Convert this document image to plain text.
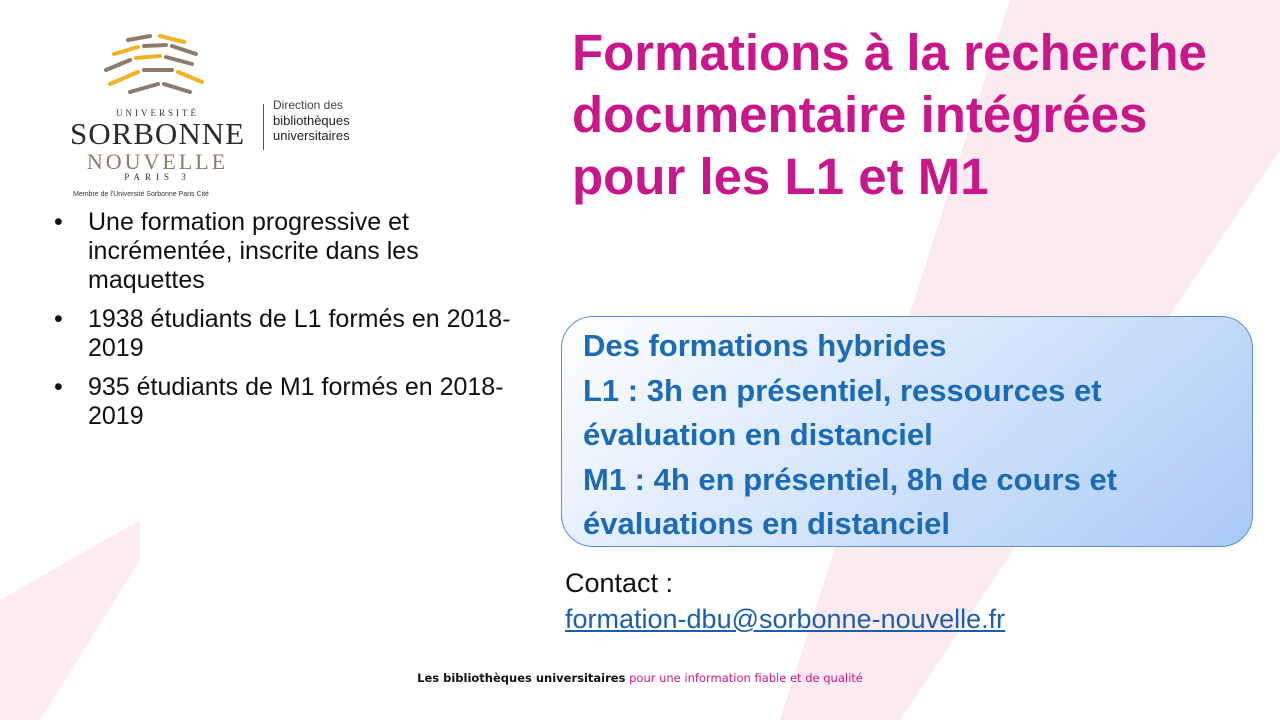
UNIVERSITÉ
SORBONNE
NOUVELLE
PARIS 3
Direction des
bibliothèques
universitaires
Membre de l'Université Sorbonne Paris Cité
Formations à la recherche documentaire intégrées pour les L1 et M1
• Une formation progressive et incrémentée, inscrite dans les maquettes
• 1938 étudiants de L1 formés en 2018-2019
• 935 étudiants de M1 formés en 2018-2019
Des formations hybrides
L1 : 3h en présentiel, ressources et
évaluation en distanciel
M1 : 4h en présentiel, 8h de cours et
évaluations en distanciel
Contact :
formation-dbu@sorbonne-nouvelle.fr
Les bibliothèques universitaires pour une information fiable et de qualité
